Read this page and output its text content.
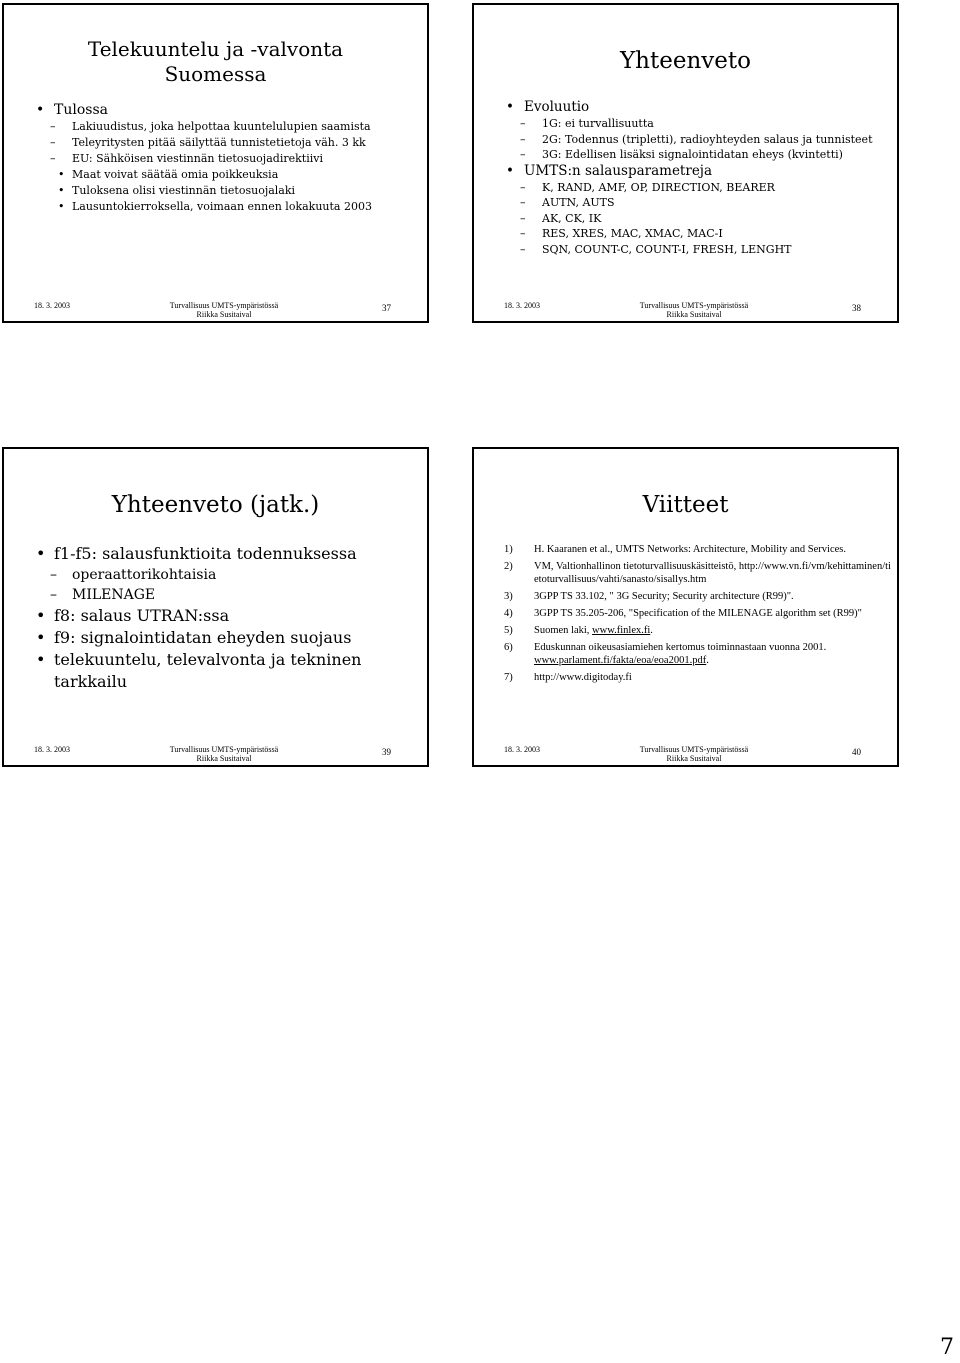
Telekuuntelu ja -valvonta
Suomessa
• Tulossa
– Lakiuudistus, joka helpottaa kuuntelulupien saamista
– Teleyritysten pitää säilyttää tunnistetietoja väh. 3 kk
– EU: Sähköisen viestinnän tietosuojadirektiivi
• Maat voivat säätää omia poikkeuksia
• Tuloksena olisi viestinnän tietosuojalaki
• Lausuntokierroksella, voimaan ennen lokakuuta 2003
18. 3. 2003	Turvallisuus UMTS-ympäristössä
Riikka Susitaival
37
Yhteenveto
• Evoluutio
– 1G: ei turvallisuutta
– 2G: Todennus (tripletti), radioyhteyden salaus ja tunnisteet
– 3G: Edellisen lisäksi signalointidatan eheys (kvintetti)
• UMTS:n salausparametreja
– K, RAND, AMF, OP, DIRECTION, BEARER
– AUTN, AUTS
– AK, CK, IK
– RES, XRES, MAC, XMAC, MAC-I
– SQN, COUNT-C, COUNT-I, FRESH, LENGHT
18. 3. 2003	Turvallisuus UMTS-ympäristössä
Riikka Susitaival
38
Yhteenveto (jatk.)
• f1-f5: salausfunktioita todennuksessa
– operaattorikohtaisia
– MILENAGE
• f8: salaus UTRAN:ssa
• f9: signalointidatan eheyden suojaus
• telekuuntelu, televalvonta ja tekninen tarkkailu
18. 3. 2003	Turvallisuus UMTS-ympäristössä
Riikka Susitaival
39
Viitteet
1) H. Kaaranen et al., UMTS Networks: Architecture, Mobility and Services.
2) VM, Valtionhallinon tietoturvallisuuskäsitteistö, http://www.vn.fi/vm/kehittaminen/tietoturvallisuus/vahti/sanasto/sisallys.htm
3) 3GPP TS 33.102, " 3G Security; Security architecture (R99)".
4) 3GPP TS 35.205-206, "Specification of the MILENAGE algorithm set (R99)"
5) Suomen laki, www.finlex.fi.
6) Eduskunnan oikeusasiamiehen kertomus toiminnastaan vuonna 2001. www.parlament.fi/fakta/eoa/eoa2001.pdf.
7) http://www.digitoday.fi
18. 3. 2003	Turvallisuus UMTS-ympäristössä
Riikka Susitaival
40
7
